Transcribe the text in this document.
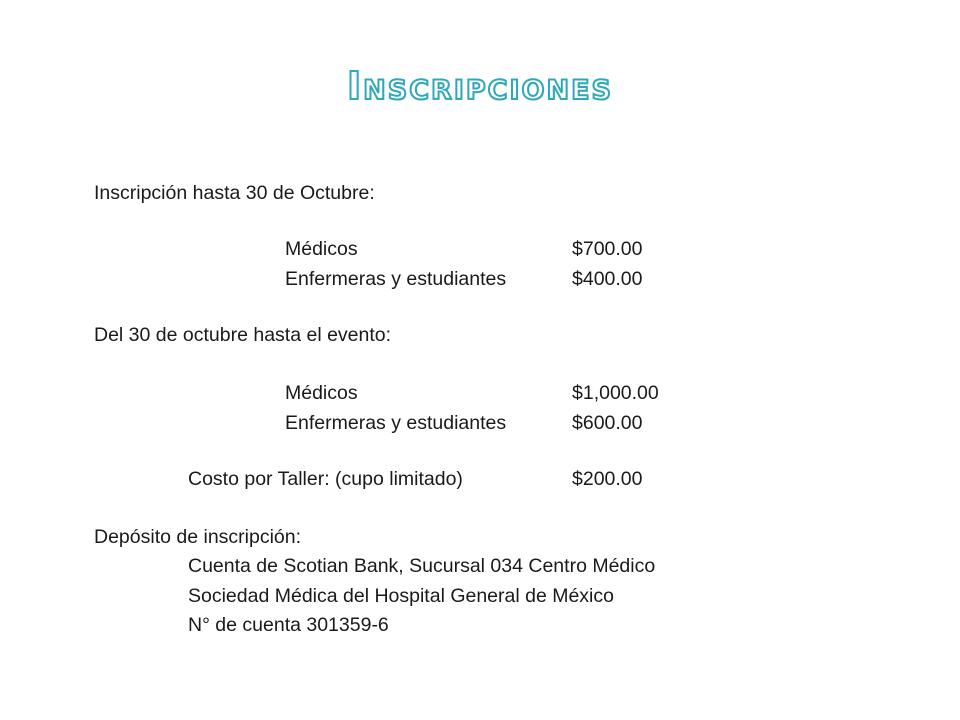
Inscripciones
Inscripción hasta 30 de Octubre:
Médicos	$700.00
Enfermeras y estudiantes	$400.00
Del 30 de octubre hasta el evento:
Médicos	$1,000.00
Enfermeras y estudiantes	$600.00
Costo por Taller: (cupo limitado)	$200.00
Depósito de inscripción:
Cuenta de Scotian Bank, Sucursal 034 Centro Médico
Sociedad Médica del Hospital General de México
N° de cuenta 301359-6
